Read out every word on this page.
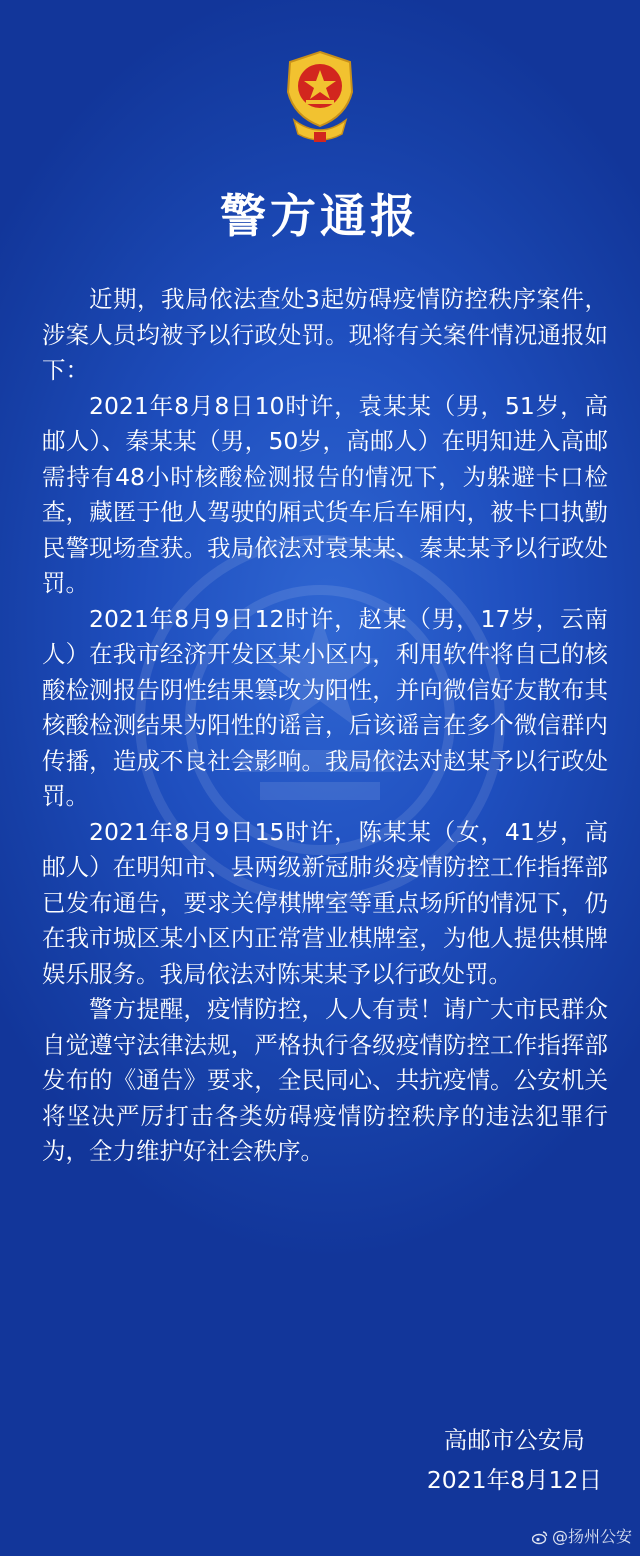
警方通报

近期，我局依法查处3起妨碍疫情防控秩序案件，涉案人员均被予以行政处罚。现将有关案件情况通报如下：

2021年8月8日10时许，袁某某（男，51岁，高邮人）、秦某某（男，50岁，高邮人）在明知进入高邮需持有48小时核酸检测报告的情况下，为躲避卡口检查，藏匿于他人驾驶的厢式货车后车厢内，被卡口执勤民警现场查获。我局依法对袁某某、秦某某予以行政处罚。

2021年8月9日12时许，赵某（男，17岁，云南人）在我市经济开发区某小区内，利用软件将自己的核酸检测报告阴性结果篡改为阳性，并向微信好友散布其核酸检测结果为阳性的谣言，后该谣言在多个微信群内传播，造成不良社会影响。我局依法对赵某予以行政处罚。

2021年8月9日15时许，陈某某（女，41岁，高邮人）在明知市、县两级新冠肺炎疫情防控工作指挥部已发布通告，要求关停棋牌室等重点场所的情况下，仍在我市城区某小区内正常营业棋牌室，为他人提供棋牌娱乐服务。我局依法对陈某某予以行政处罚。

警方提醒，疫情防控，人人有责！请广大市民群众自觉遵守法律法规，严格执行各级疫情防控工作指挥部发布的《通告》要求，全民同心、共抗疫情。公安机关将坚决严厉打击各类妨碍疫情防控秩序的违法犯罪行为，全力维护好社会秩序。

高邮市公安局
2021年8月12日
@扬州公安
